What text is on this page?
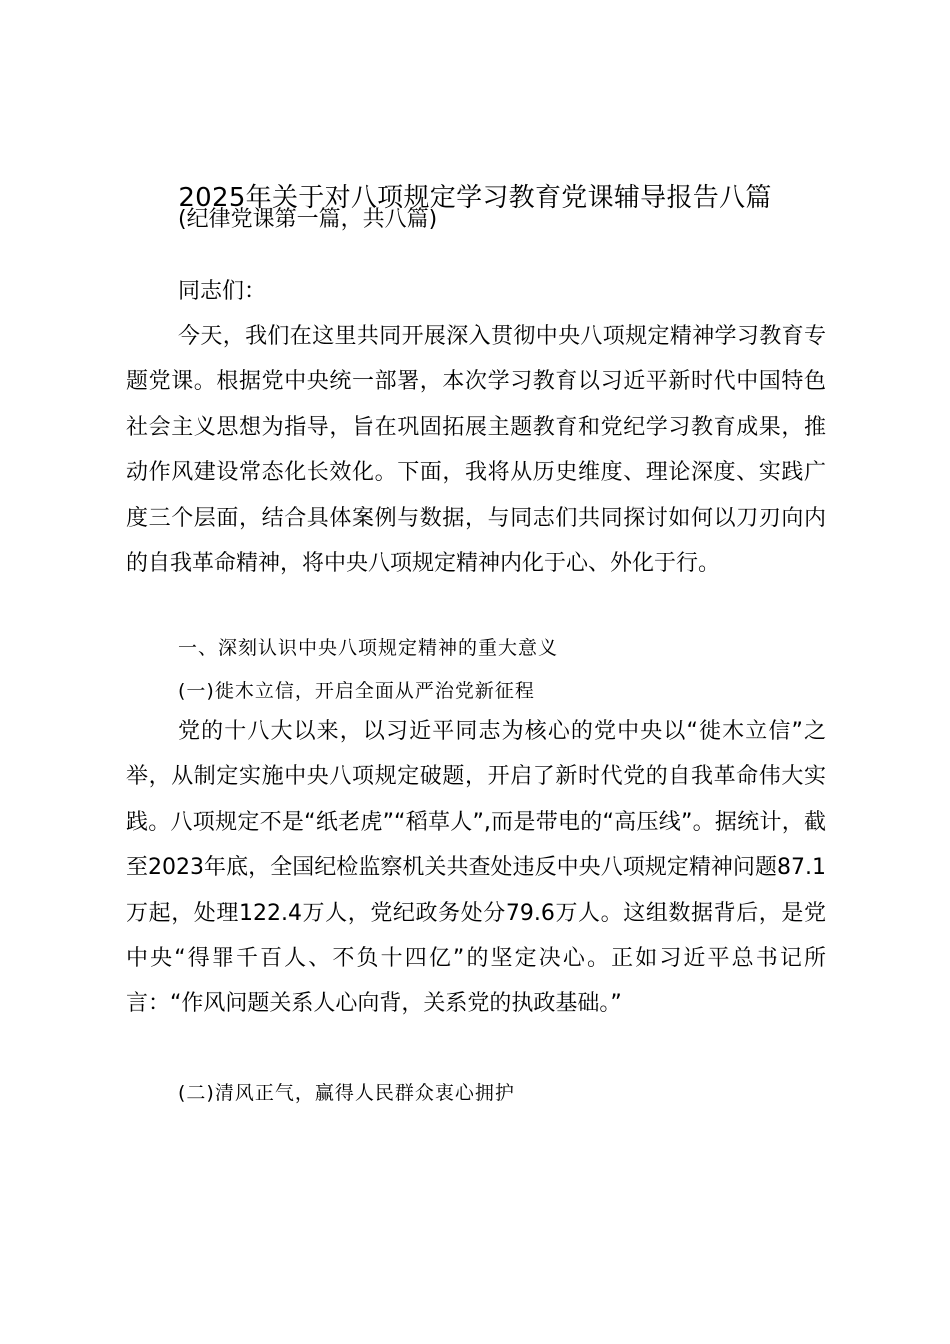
2025年关于对八项规定学习教育党课辅导报告八篇

(纪律党课第一篇，共八篇)

同志们：

今天，我们在这里共同开展深入贯彻中央八项规定精神学习教育专题党课。根据党中央统一部署，本次学习教育以习近平新时代中国特色社会主义思想为指导，旨在巩固拓展主题教育和党纪学习教育成果，推动作风建设常态化长效化。下面，我将从历史维度、理论深度、实践广度三个层面，结合具体案例与数据，与同志们共同探讨如何以刀刃向内的自我革命精神，将中央八项规定精神内化于心、外化于行。

一、深刻认识中央八项规定精神的重大意义

(一)徙木立信，开启全面从严治党新征程

党的十八大以来，以习近平同志为核心的党中央以“徙木立信”之举，从制定实施中央八项规定破题，开启了新时代党的自我革命伟大实践。八项规定不是“纸老虎”“稻草人”,而是带电的“高压线”。据统计，截至2023年底，全国纪检监察机关共查处违反中央八项规定精神问题87.1万起，处理122.4万人，党纪政务处分79.6万人。这组数据背后，是党中央“得罪千百人、不负十四亿”的坚定决心。正如习近平总书记所言：“作风问题关系人心向背，关系党的执政基础。”

(二)清风正气，赢得人民群众衷心拥护
